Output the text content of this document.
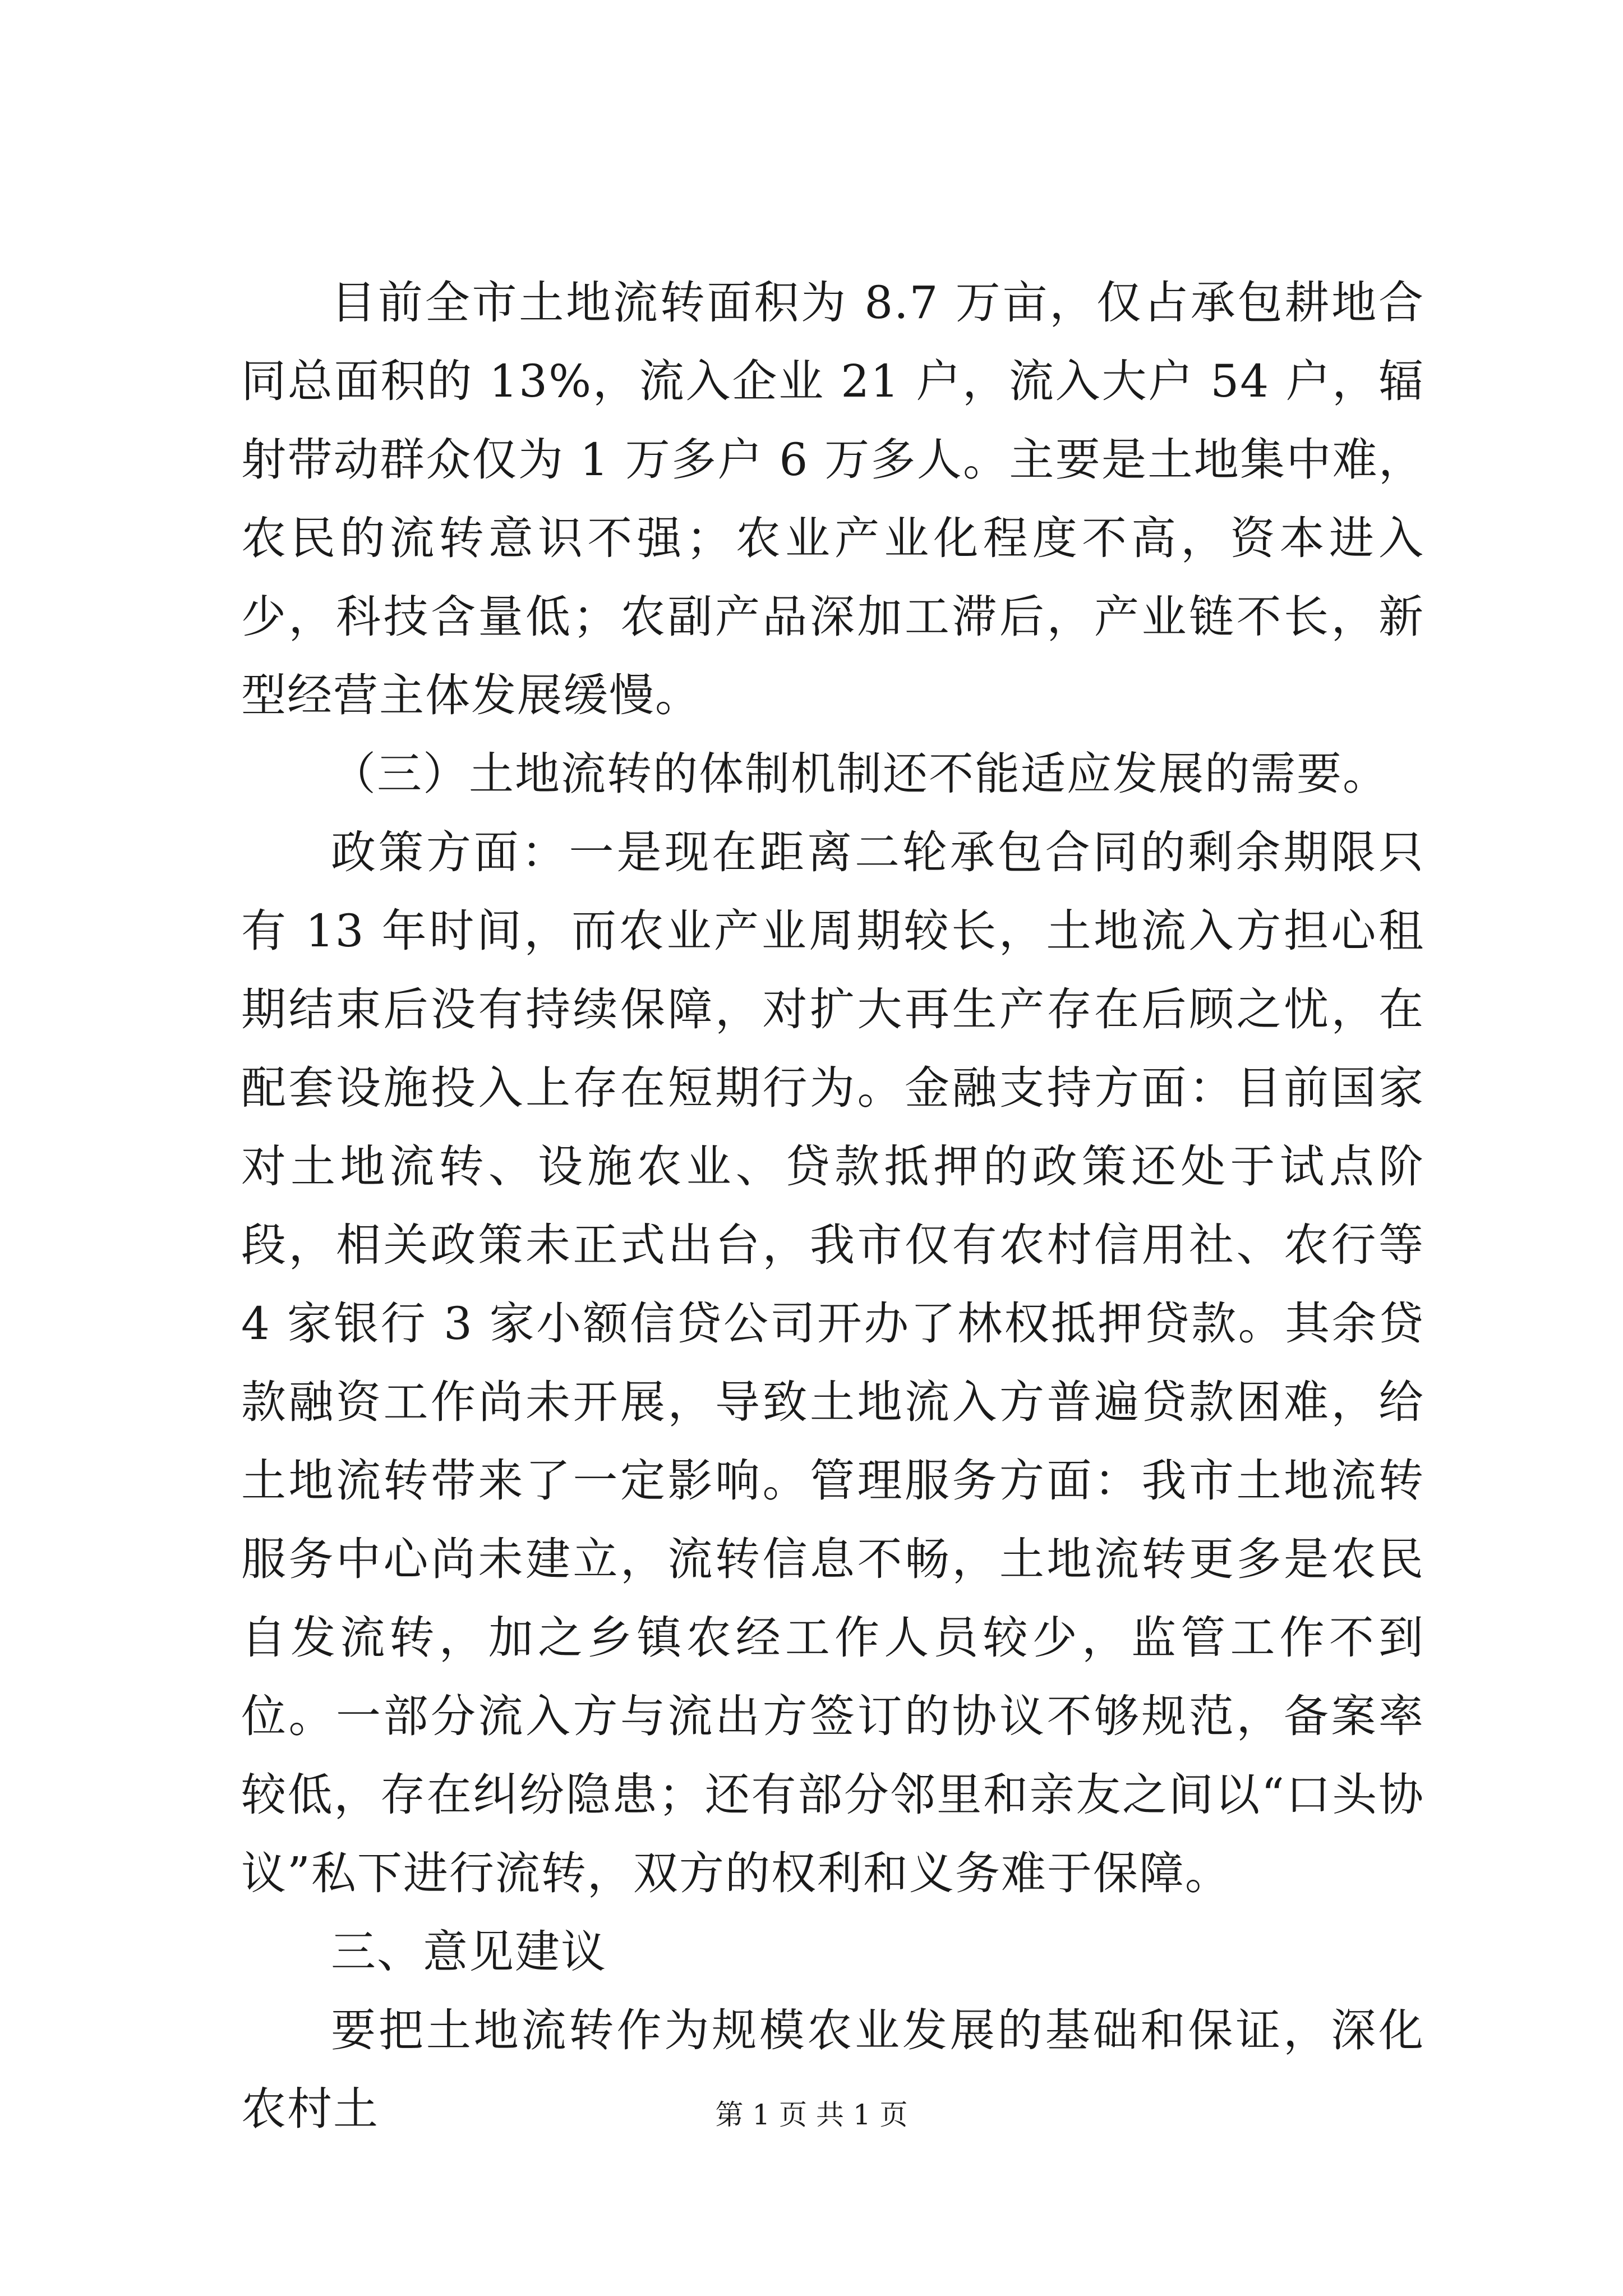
目前全市土地流转面积为 8.7 万亩，仅占承包耕地合同总面积的 13%，流入企业 21 户，流入大户 54 户，辐射带动群众仅为 1 万多户 6 万多人。主要是土地集中难，农民的流转意识不强；农业产业化程度不高，资本进入少，科技含量低；农副产品深加工滞后，产业链不长，新型经营主体发展缓慢。

（三）土地流转的体制机制还不能适应发展的需要。

政策方面：一是现在距离二轮承包合同的剩余期限只有 13 年时间，而农业产业周期较长，土地流入方担心租期结束后没有持续保障，对扩大再生产存在后顾之忧，在配套设施投入上存在短期行为。金融支持方面：目前国家对土地流转、设施农业、贷款抵押的政策还处于试点阶段，相关政策未正式出台，我市仅有农村信用社、农行等 4 家银行 3 家小额信贷公司开办了林权抵押贷款。其余贷款融资工作尚未开展，导致土地流入方普遍贷款困难，给土地流转带来了一定影响。管理服务方面：我市土地流转服务中心尚未建立，流转信息不畅，土地流转更多是农民自发流转，加之乡镇农经工作人员较少，监管工作不到位。一部分流入方与流出方签订的协议不够规范，备案率较低，存在纠纷隐患；还有部分邻里和亲友之间以“口头协议”私下进行流转，双方的权利和义务难于保障。

三、意见建议

要把土地流转作为规模农业发展的基础和保证，深化农村土	第 1 页 共 1 页
